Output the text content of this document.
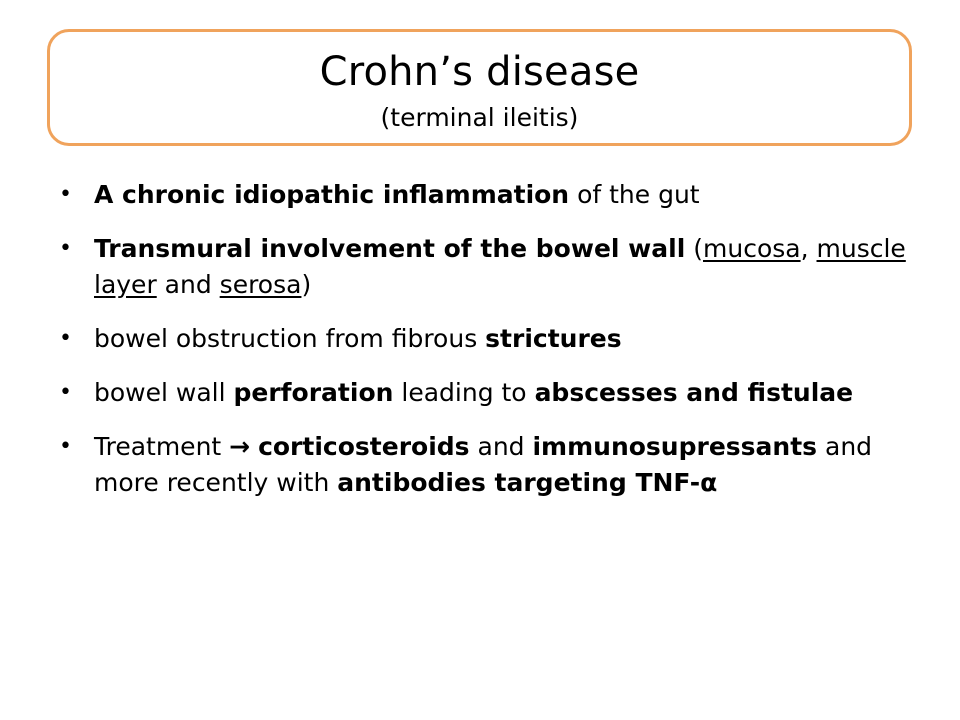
Crohn’s disease
(terminal ileitis)
• A chronic idiopathic inflammation of the gut
• Transmural involvement of the bowel wall (mucosa, muscle layer and serosa)
• bowel obstruction from fibrous strictures
• bowel wall perforation leading to abscesses and fistulae
• Treatment → corticosteroids and immunosupressants and more recently with antibodies targeting TNF-α
